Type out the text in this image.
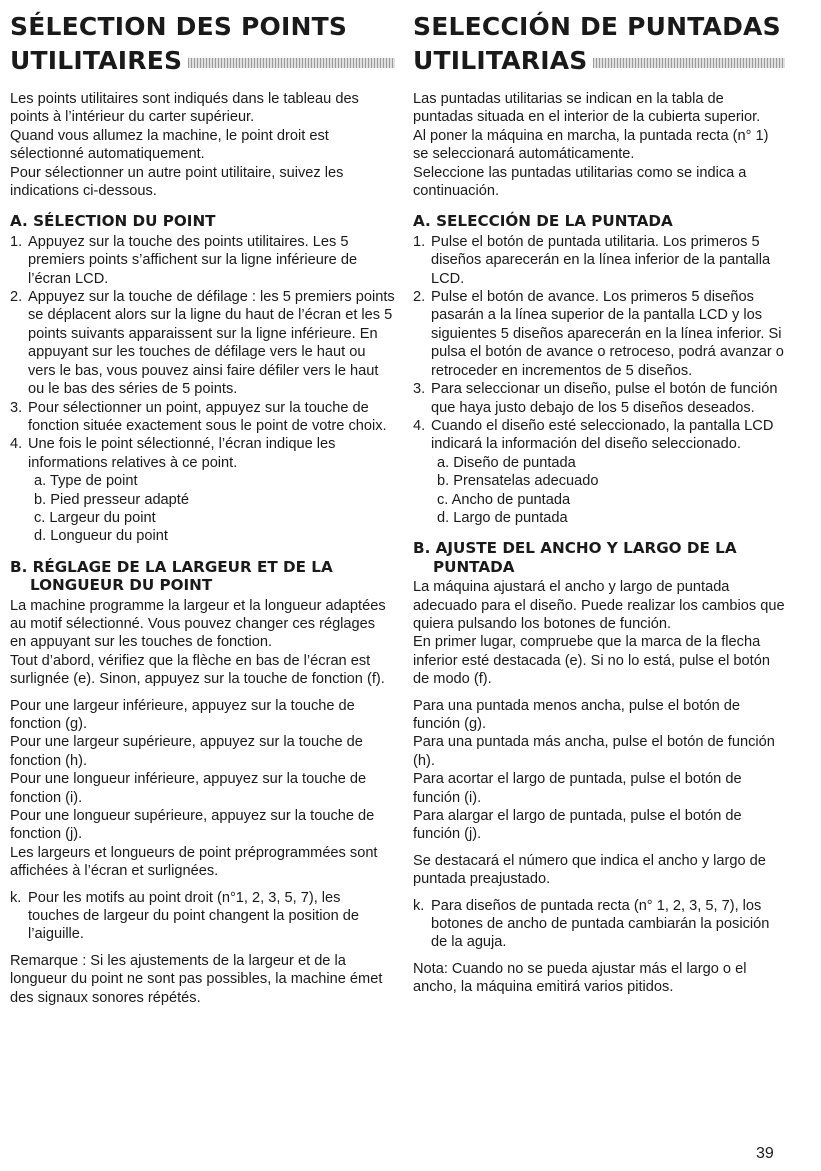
SÉLECTION DES POINTS
UTILITAIRES

Les points utilitaires sont indiqués dans le tableau des points à l’intérieur du carter supérieur.

Quand vous allumez la machine, le point droit est sélectionné automatiquement.

Pour sélectionner un autre point utilitaire, suivez les indications ci-dessous.

A. SÉLECTION DU POINT
1. Appuyez sur la touche des points utilitaires. Les 5 premiers points s’affichent sur la ligne inférieure de l’écran LCD.
2. Appuyez sur la touche de défilage : les 5 premiers points se déplacent alors sur la ligne du haut de l’écran et les 5 points suivants apparaissent sur la ligne inférieure. En appuyant sur les touches de défilage vers le haut ou vers le bas, vous pouvez ainsi faire défiler vers le haut ou le bas des séries de 5 points.
3. Pour sélectionner un point, appuyez sur la touche de fonction située exactement sous le point de votre choix.
4. Une fois le point sélectionné, l’écran indique les informations relatives à ce point.
a. Type de point
b. Pied presseur adapté
c. Largeur du point
d. Longueur du point
B. RÉGLAGE DE LA LARGEUR ET DE LA LONGUEUR DU POINT

La machine programme la largeur et la longueur adaptées au motif sélectionné. Vous pouvez changer ces réglages en appuyant sur les touches de fonction.

Tout d’abord, vérifiez que la flèche en bas de l’écran est surlignée (e). Sinon, appuyez sur la touche de fonction (f).

Pour une largeur inférieure, appuyez sur la touche de fonction (g).

Pour une largeur supérieure, appuyez sur la touche de fonction (h).

Pour une longueur inférieure, appuyez sur la touche de fonction (i).

Pour une longueur supérieure, appuyez sur la touche de fonction (j).

Les largeurs et longueurs de point préprogrammées sont affichées à l’écran et surlignées.

k. Pour les motifs au point droit (n°1, 2, 3, 5, 7), les touches de largeur du point changent la position de l’aiguille.

Remarque : Si les ajustements de la largeur et de la longueur du point ne sont pas possibles, la machine émet des signaux sonores répétés.

SELECCIÓN DE PUNTADAS
UTILITARIAS

Las puntadas utilitarias se indican en la tabla de puntadas situada en el interior de la cubierta superior.

Al poner la máquina en marcha, la puntada recta (n° 1) se seleccionará automáticamente.

Seleccione las puntadas utilitarias como se indica a continuación.

A. SELECCIÓN DE LA PUNTADA
1. Pulse el botón de puntada utilitaria. Los primeros 5 diseños aparecerán en la línea inferior de la pantalla LCD.
2. Pulse el botón de avance. Los primeros 5 diseños pasarán a la línea superior de la pantalla LCD y los siguientes 5 diseños aparecerán en la línea inferior. Si pulsa el botón de avance o retroceso, podrá avanzar o retroceder en incrementos de 5 diseños.
3. Para seleccionar un diseño, pulse el botón de función que haya justo debajo de los 5 diseños deseados.
4. Cuando el diseño esté seleccionado, la pantalla LCD indicará la información del diseño seleccionado.
a. Diseño de puntada
b. Prensatelas adecuado
c. Ancho de puntada
d. Largo de puntada
B. AJUSTE DEL ANCHO Y LARGO DE LA PUNTADA

La máquina ajustará el ancho y largo de puntada adecuado para el diseño. Puede realizar los cambios que quiera pulsando los botones de función.

En primer lugar, compruebe que la marca de la flecha inferior esté destacada (e). Si no lo está, pulse el botón de modo (f).

Para una puntada menos ancha, pulse el botón de función (g).

Para una puntada más ancha, pulse el botón de función (h).

Para acortar el largo de puntada, pulse el botón de función (i).

Para alargar el largo de puntada, pulse el botón de función (j).

Se destacará el número que indica el ancho y largo de puntada preajustado.

k. Para diseños de puntada recta (n° 1, 2, 3, 5, 7), los botones de ancho de puntada cambiarán la posición de la aguja.

Nota: Cuando no se pueda ajustar más el largo o el ancho, la máquina emitirá varios pitidos.

39
